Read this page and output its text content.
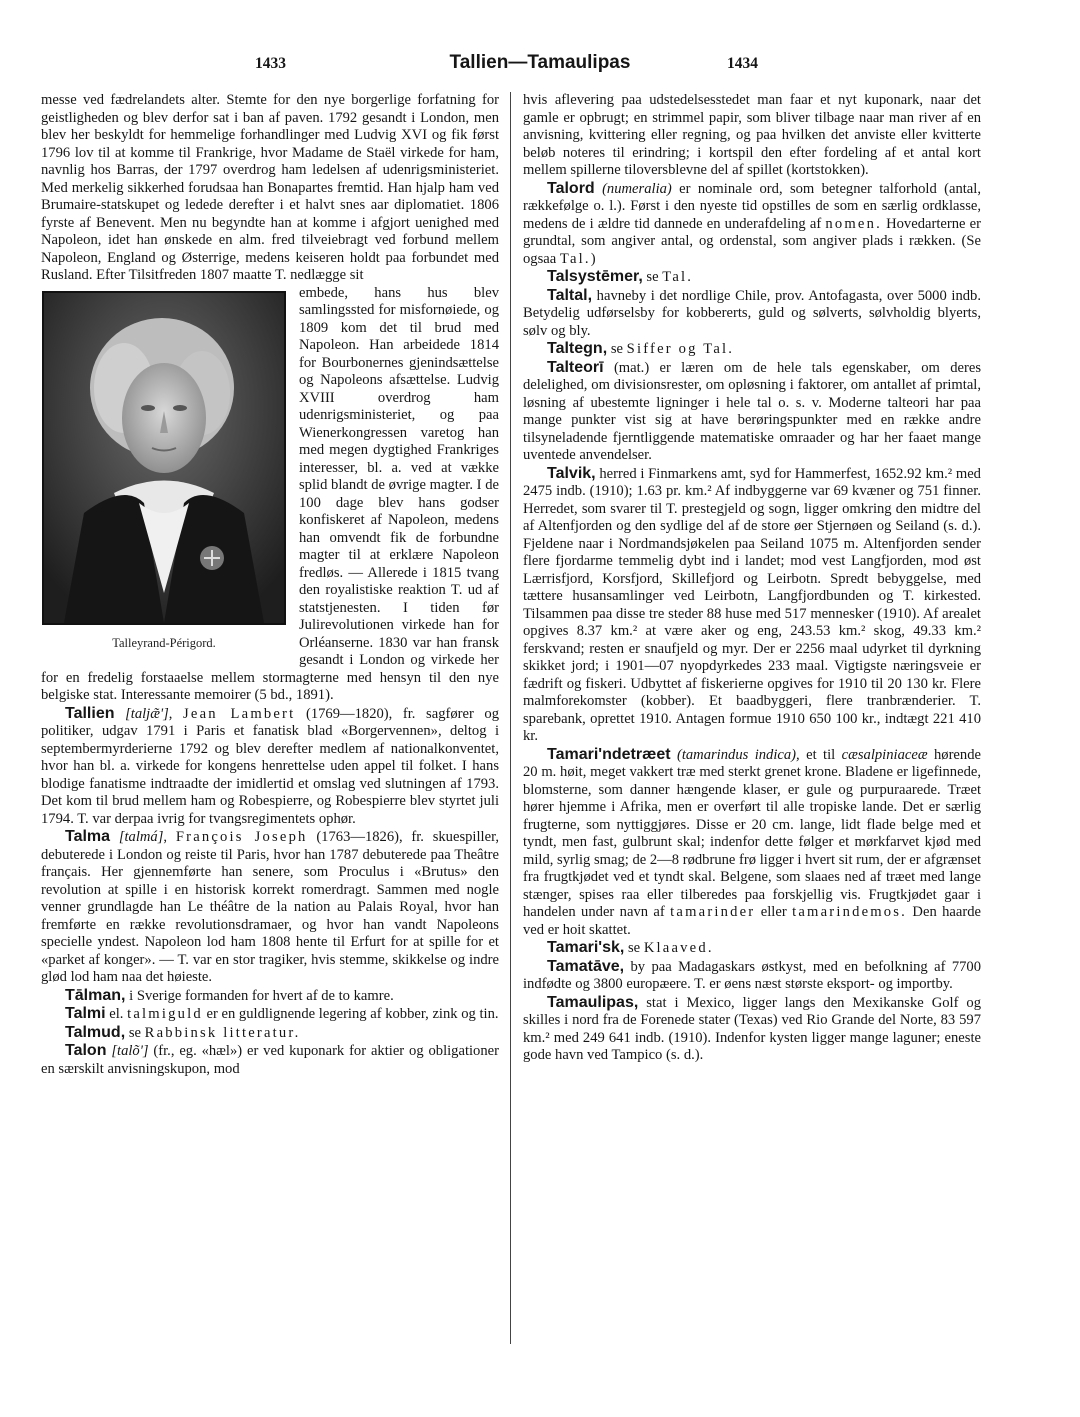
1433	Tallien—Tamaulipas	1434

messe ved fædrelandets alter. Stemte for den nye borgerlige forfatning for geistligheden og blev derfor sat i ban af paven. 1792 gesandt i London, men blev her beskyldt for hemmelige forhandlinger med Ludvig XVI og fik først 1796 lov til at komme til Frankrige, hvor Madame de Staël virkede for ham, navnlig hos Barras, der 1797 overdrog ham ledelsen af udenrigsministeriet. Med merkelig sikkerhed forudsaa han Bonapartes fremtid. Han hjalp ham ved Brumaire-statskupet og ledede derefter i et halvt snes aar diplomatiet. 1806 fyrste af Benevent. Men nu begyndte han at komme i afgjort uenighed med Napoleon, idet han ønskede en alm. fred tilveiebragt ved forbund mellem Napoleon, England og Østerrige, medens keiseren holdt paa forbundet med Rusland. Efter Tilsitfreden 1807 maatte T. nedlægge sit

Talleyrand-Périgord.

embede, hans hus blev samlingssted for misfornøiede, og 1809 kom det til brud med Napoleon. Han arbeidede 1814 for Bourbonernes gjenindsættelse og Napoleons afsættelse. Ludvig XVIII overdrog ham udenrigsministeriet, og paa Wienerkongressen varetog han med megen dygtighed Frankriges interesser, bl. a. ved at vække splid blandt de øvrige magter. I de 100 dage blev hans godser konfiskeret af Napoleon, medens han omvendt fik de forbundne magter til at erklære Napoleon fredløs. — Allerede i 1815 tvang den royalistiske reaktion T. ud af statstjenesten. I tiden før Julirevolutionen virkede han for Orléanserne. 1830 var han fransk gesandt i London og virkede her for en fredelig forstaaelse mellem stormagterne med hensyn til den nye belgiske stat. Interessante memoirer (5 bd., 1891).

Tallien [taljæ̃'], Jean Lambert (1769—1820), fr. sagfører og politiker, udgav 1791 i Paris et fanatisk blad «Borgervennen», deltog i septembermyrderierne 1792 og blev derefter medlem af nationalkonventet, hvor han bl. a. virkede for kongens henrettelse uden appel til folket. I hans blodige fanatisme indtraadte der imidlertid et omslag ved slutningen af 1793. Det kom til brud mellem ham og Robespierre, og Robespierre blev styrtet juli 1794. T. var derpaa ivrig for tvangsregimentets ophør.

Talma [talmá], François Joseph (1763—1826), fr. skuespiller, debuterede i London og reiste til Paris, hvor han 1787 debuterede paa Theâtre français. Her gjennemførte han senere, som Proculus i «Brutus» den revolution at spille i en historisk korrekt romerdragt. Sammen med nogle venner grundlagde han Le théâtre de la nation au Palais Royal, hvor han fremførte en række revolutionsdramaer, og hvor han vandt Napoleons specielle yndest. Napoleon lod ham 1808 hente til Erfurt for at spille for et «parket af konger». — T. var en stor tragiker, hvis stemme, skikkelse og indre glød lod ham naa det høieste.

Tālman, i Sverige formanden for hvert af de to kamre.

Talmi el. talmiguld er en guldlignende legering af kobber, zink og tin.

Talmud, se Rabbinsk litteratur.

Talon [talõ'] (fr., eg. «hæl») er ved kuponark for aktier og obligationer en særskilt anvisningskupon, mod

hvis aflevering paa udstedelsesstedet man faar et nyt kuponark, naar det gamle er opbrugt; en strimmel papir, som bliver tilbage naar man river af en anvisning, kvittering eller regning, og paa hvilken det anviste eller kvitterte beløb noteres til erindring; i kortspil den efter fordeling af et antal kort mellem spillerne tiloversblevne del af spillet (kortstokken).

Talord (numeralia) er nominale ord, som betegner talforhold (antal, rækkefølge o. l.). Først i den nyeste tid opstilles de som en særlig ordklasse, medens de i ældre tid dannede en underafdeling af nomen. Hovedarterne er grundtal, som angiver antal, og ordenstal, som angiver plads i rækken. (Se ogsaa Tal.)

Talsystēmer, se Tal.

Taltal, havneby i det nordlige Chile, prov. Antofagasta, over 5000 indb. Betydelig udførselsby for kobbererts, guld og sølverts, sølvholdig blyerts, sølv og bly.

Taltegn, se Siffer og Tal.

Talteorī (mat.) er læren om de hele tals egenskaber, om deres delelighed, om divisionsrester, om opløsning i faktorer, om antallet af primtal, løsning af ubestemte ligninger i hele tal o. s. v. Moderne talteori har paa mange punkter vist sig at have berøringspunkter med en række andre tilsyneladende fjerntliggende matematiske omraader og har her faaet mange uventede anvendelser.

Talvik, herred i Finmarkens amt, syd for Hammerfest, 1652.92 km.² med 2475 indb. (1910); 1.63 pr. km.² Af indbyggerne var 69 kvæner og 751 finner. Herredet, som svarer til T. prestegjeld og sogn, ligger omkring den midtre del af Altenfjorden og den sydlige del af de store øer Stjernøen og Seiland (s. d.). Fjeldene naar i Nordmandsjøkelen paa Seiland 1075 m. Altenfjorden sender flere fjordarme temmelig dybt ind i landet; mod vest Langfjorden, mod øst Lærrisfjord, Korsfjord, Skillefjord og Leirbotn. Spredt bebyggelse, med tættere husansamlinger ved Leirbotn, Langfjordbunden og T. kirkested. Tilsammen paa disse tre steder 88 huse med 517 mennesker (1910). Af arealet opgives 8.37 km.² at være aker og eng, 243.53 km.² skog, 49.33 km.² ferskvand; resten er snaufjeld og myr. Der er 2256 maal udyrket til dyrkning skikket jord; i 1901—07 nyopdyrkedes 233 maal. Vigtigste næringsveie er fædrift og fiskeri. Udbyttet af fiskerierne opgives for 1910 til 20 130 kr. Flere malmforekomster (kobber). Et baadbyggeri, flere tranbrænderier. T. sparebank, oprettet 1910. Antagen formue 1910 650 100 kr., indtægt 221 410 kr.

Tamari'ndetræet (tamarindus indica), et til cæsalpiniaceæ hørende 20 m. høit, meget vakkert træ med sterkt grenet krone. Bladene er ligefinnede, blomsterne, som danner hængende klaser, er gule og purpuraarede. Træet hører hjemme i Afrika, men er overført til alle tropiske lande. Det er særlig frugterne, som nyttiggjøres. Disse er 20 cm. lange, lidt flade belge med et tyndt, men fast, gulbrunt skal; indenfor dette følger et mørkfarvet kjød med mild, syrlig smag; de 2—8 rødbrune frø ligger i hvert sit rum, der er afgrænset fra frugtkjødet ved et tyndt skal. Belgene, som slaaes ned af træet med lange stænger, spises raa eller tilberedes paa forskjellig vis. Frugtkjødet gaar i handelen under navn af tamarinder eller tamarindemos. Den haarde ved er hoit skattet.

Tamari'sk, se Klaaved.

Tamatāve, by paa Madagaskars østkyst, med en befolkning af 7700 indfødte og 3800 europæere. T. er øens næst største eksport- og importby.

Tamaulipas, stat i Mexico, ligger langs den Mexikanske Golf og skilles i nord fra de Forenede stater (Texas) ved Rio Grande del Norte, 83 597 km.² med 249 641 indb. (1910). Indenfor kysten ligger mange laguner; eneste gode havn ved Tampico (s. d.).
